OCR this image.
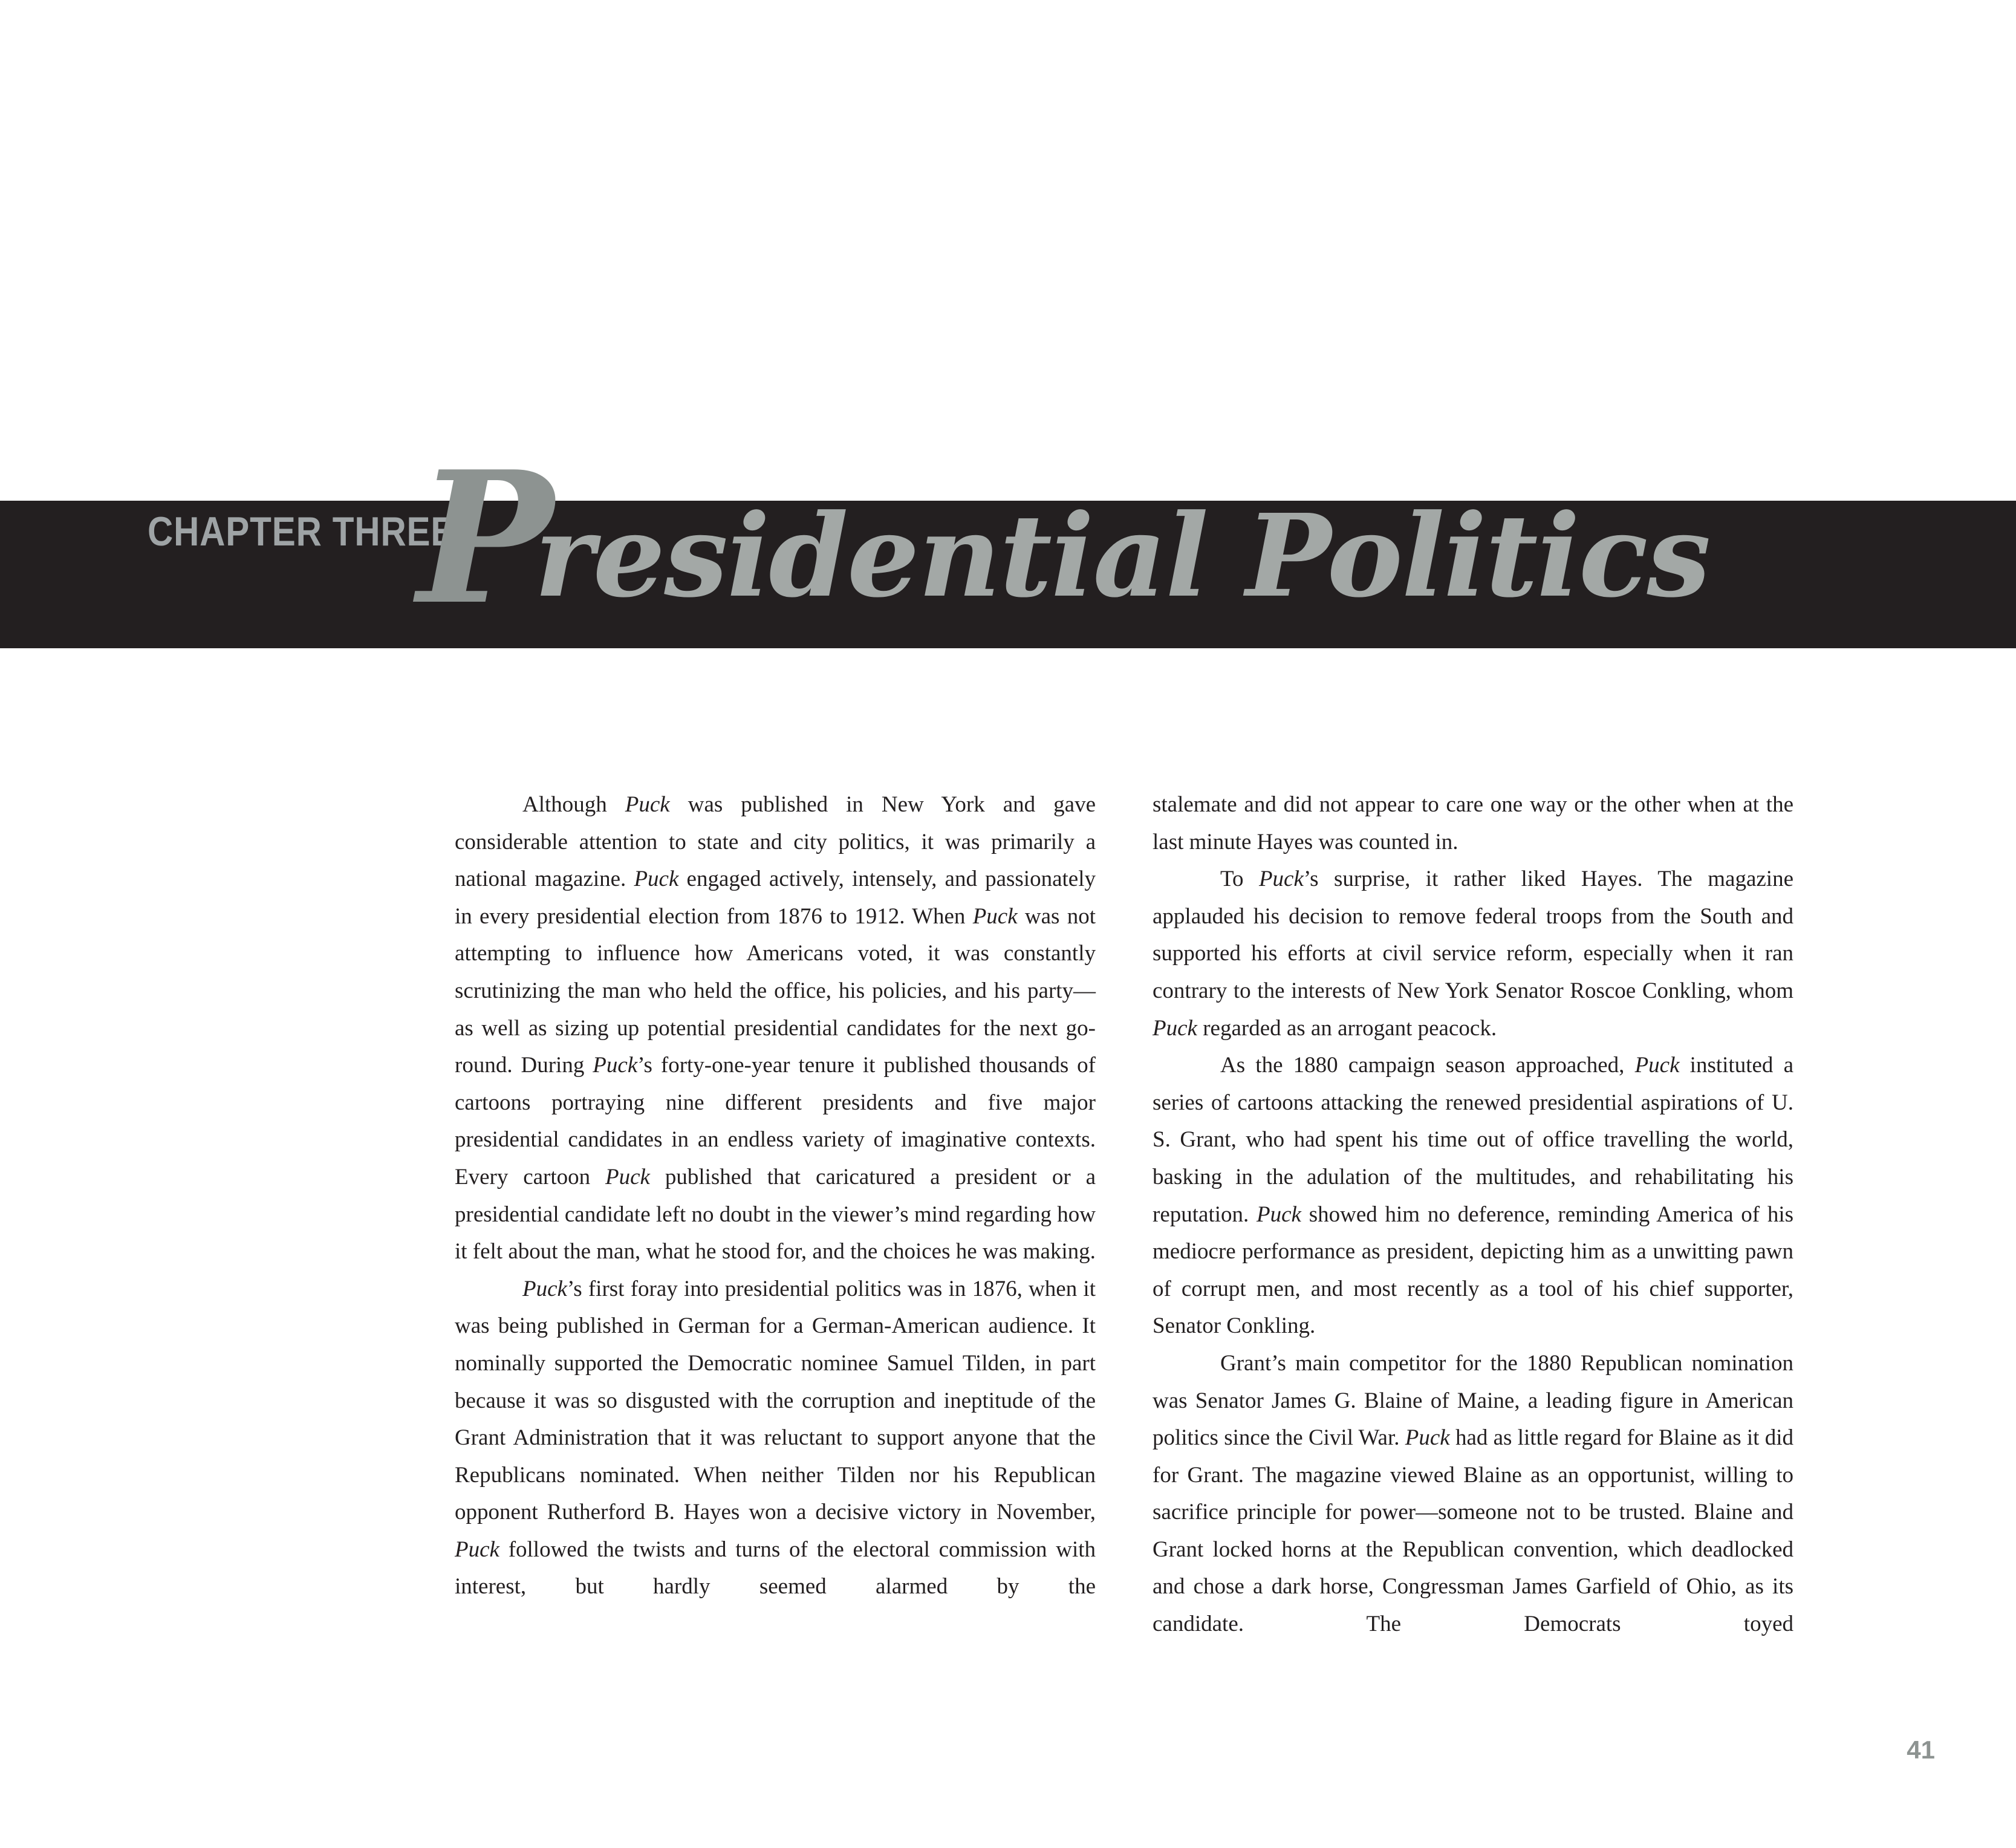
CHAPTER THREE
Presidential Politics

Although Puck was published in New York and gave considerable attention to state and city politics, it was primarily a national magazine. Puck engaged actively, intensely, and passionately in every presidential election from 1876 to 1912. When Puck was not attempting to influence how Americans voted, it was constantly scrutinizing the man who held the office, his policies, and his party—as well as sizing up potential presidential candidates for the next go-round. During Puck’s forty-one-year tenure it published thousands of cartoons portraying nine different presidents and five major presidential candidates in an endless variety of imaginative contexts. Every cartoon Puck published that caricatured a president or a presidential candidate left no doubt in the viewer’s mind regarding how it felt about the man, what he stood for, and the choices he was making.

Puck’s first foray into presidential politics was in 1876, when it was being published in German for a German-American audience. It nominally supported the Democratic nominee Samuel Tilden, in part because it was so disgusted with the corruption and ineptitude of the Grant Administration that it was reluctant to support anyone that the Republicans nominated. When neither Tilden nor his Republican opponent Rutherford B. Hayes won a decisive victory in November, Puck followed the twists and turns of the electoral commission with interest, but hardly seemed alarmed by the

stalemate and did not appear to care one way or the other when at the last minute Hayes was counted in.

To Puck’s surprise, it rather liked Hayes. The magazine applauded his decision to remove federal troops from the South and supported his efforts at civil service reform, especially when it ran contrary to the interests of New York Senator Roscoe Conkling, whom Puck regarded as an arrogant peacock.

As the 1880 campaign season approached, Puck instituted a series of cartoons attacking the renewed presidential aspirations of U. S. Grant, who had spent his time out of office travelling the world, basking in the adulation of the multitudes, and rehabilitating his reputation. Puck showed him no deference, reminding America of his mediocre performance as president, depicting him as a unwitting pawn of corrupt men, and most recently as a tool of his chief supporter, Senator Conkling.

Grant’s main competitor for the 1880 Republican nomination was Senator James G. Blaine of Maine, a leading figure in American politics since the Civil War. Puck had as little regard for Blaine as it did for Grant. The magazine viewed Blaine as an opportunist, willing to sacrifice principle for power—someone not to be trusted. Blaine and Grant locked horns at the Republican convention, which deadlocked and chose a dark horse, Congressman James Garfield of Ohio, as its candidate. The Democrats toyed

41
